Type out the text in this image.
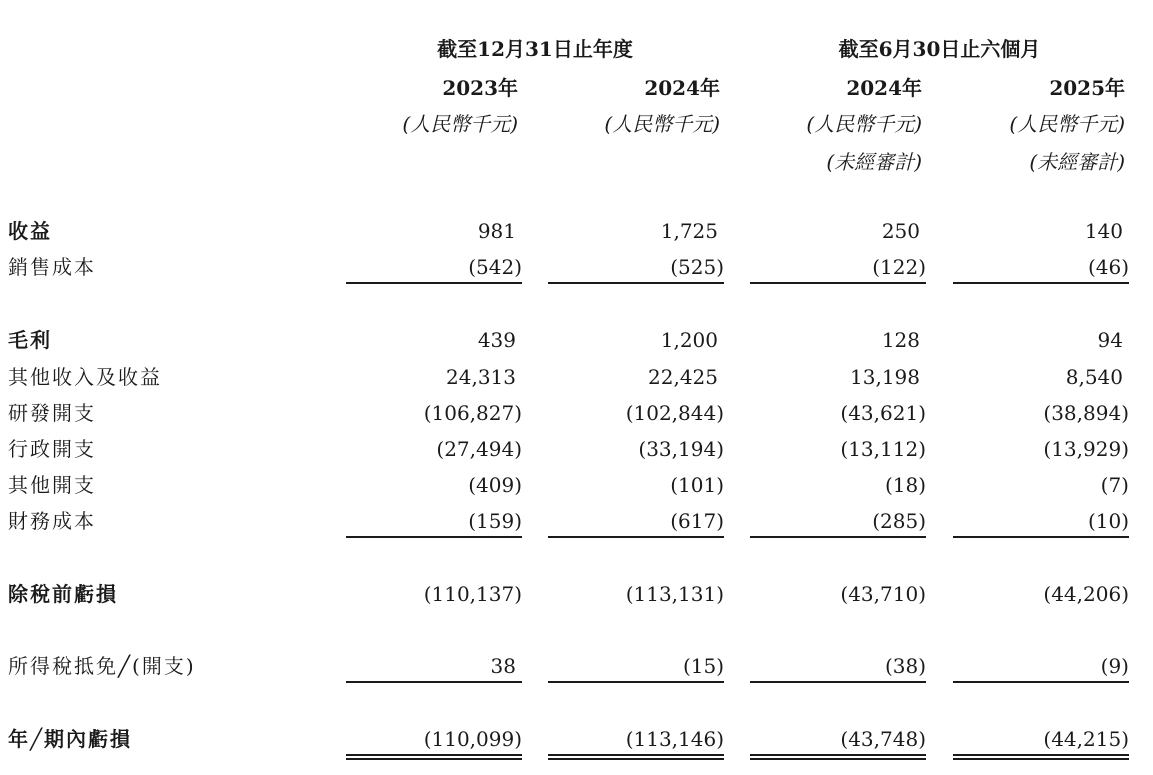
截至12月31日止年度	截至6月30日止六個月
2023年	2024年	2024年	2025年
(人民幣千元)	(人民幣千元)	(人民幣千元)	(人民幣千元)
(未經審計)	(未經審計)
收益	981	1,725	250	140
銷售成本	(542)	(525)	(122)	(46)
毛利	439	1,200	128	94
其他收入及收益	24,313	22,425	13,198	8,540
研發開支	(106,827)	(102,844)	(43,621)	(38,894)
行政開支	(27,494)	(33,194)	(13,112)	(13,929)
其他開支	(409)	(101)	(18)	(7)
財務成本	(159)	(617)	(285)	(10)
除稅前虧損	(110,137)	(113,131)	(43,710)	(44,206)
所得稅抵免╱(開支)	38	(15)	(38)	(9)
年╱期內虧損	(110,099)	(113,146)	(43,748)	(44,215)
